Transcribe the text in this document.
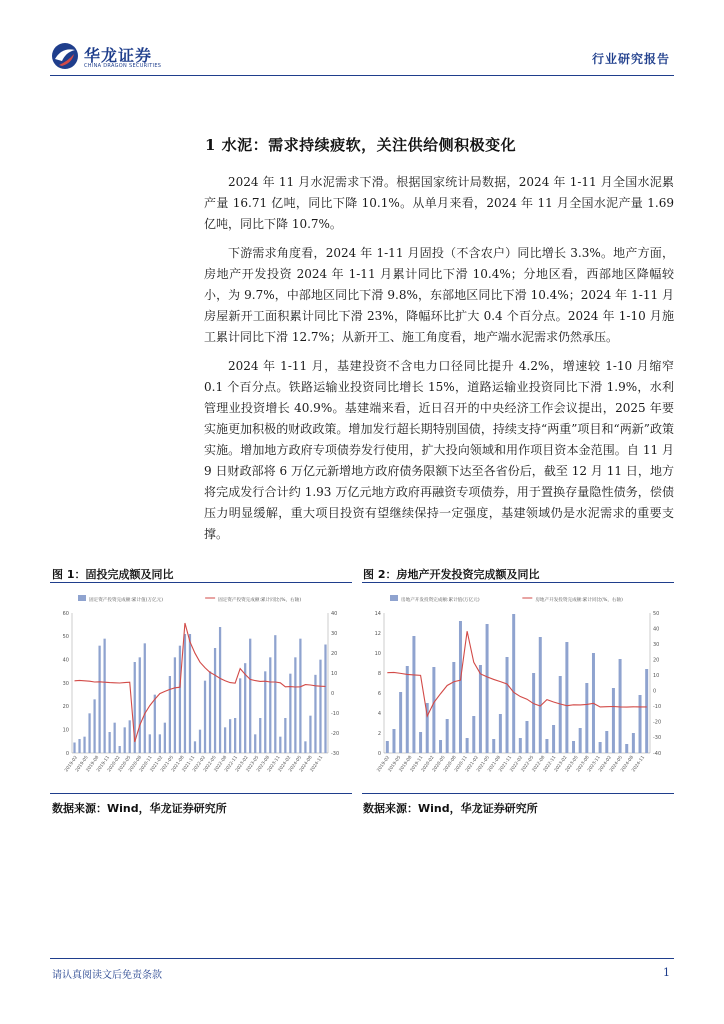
华龙证券
CHINA DRAGON SECURITIES	行业研究报告
1 水泥：需求持续疲软，关注供给侧积极变化

2024 年 11 月水泥需求下滑。根据国家统计局数据，2024 年 1-11 月全国水泥累产量 16.71 亿吨，同比下降 10.1%。从单月来看，2024 年 11 月全国水泥产量 1.69 亿吨，同比下降 10.7%。

下游需求角度看，2024 年 1-11 月固投（不含农户）同比增长 3.3%。地产方面，房地产开发投资 2024 年 1-11 月累计同比下滑 10.4%；分地区看，西部地区降幅较小，为 9.7%，中部地区同比下滑 9.8%，东部地区同比下滑 10.4%；2024 年 1-11 月房屋新开工面积累计同比下滑 23%，降幅环比扩大 0.4 个百分点。2024 年 1-10 月施工累计同比下滑 12.7%；从新开工、施工角度看，地产端水泥需求仍然承压。

2024 年 1-11 月，基建投资不含电力口径同比提升 4.2%，增速较 1-10 月缩窄 0.1 个百分点。铁路运输业投资同比增长 15%，道路运输业投资同比下滑 1.9%，水利管理业投资增长 40.9%。基建端来看，近日召开的中央经济工作会议提出，2025 年要实施更加积极的财政政策。增加发行超长期特别国债，持续支持“两重”项目和“两新”政策实施。增加地方政府专项债券发行使用，扩大投向领域和用作项目资本金范围。自 11 月 9 日财政部将 6 万亿元新增地方政府债务限额下达至各省份后，截至 12 月 11 日，地方将完成发行合计约 1.93 万亿元地方政府再融资专项债券，用于置换存量隐性债务，偿债压力明显缓解，重大项目投资有望继续保持一定强度，基建领域仍是水泥需求的重要支撑。

图 1：固投完成额及同比	图 2：房地产开发投资完成额及同比
固定资产投资完成额:累计值(万亿元)	固定资产投资完成额:累计同比(%，右轴)
0
10
20
30
40
50
60
-30
-20
-10
0
10
20
30
40
2019-02
2019-05
2019-08
2019-11
2020-02
2020-05
2020-08
2020-11
2021-02
2021-05
2021-08
2021-11
2022-02
2022-05
2022-08
2022-11
2023-02
2023-05
2023-08
2023-11
2024-02
2024-05
2024-08
2024-11
房地产开发投资完成额:累计值(万亿元)	房地产开发投资完成额:累计同比(%，右轴)
0
2
4
6
8
10
12
14
-40
-30
-20
-10
0
10
20
30
40
50
2019-02
2019-05
2019-08
2019-11
2020-02
2020-05
2020-08
2020-11
2021-02
2021-05
2021-08
2021-11
2022-02
2022-05
2022-08
2022-11
2023-02
2023-05
2023-08
2023-11
2024-02
2024-05
2024-08
2024-11
数据来源：Wind，华龙证券研究所	数据来源：Wind，华龙证券研究所
请认真阅读文后免责条款	1
